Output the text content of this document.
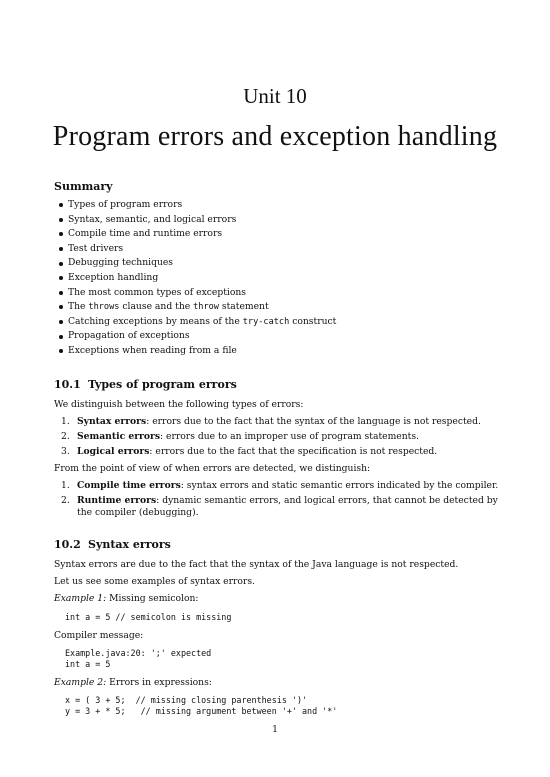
Unit 10
Program errors and exception handling
Summary
Types of program errors
Syntax, semantic, and logical errors
Compile time and runtime errors
Test drivers
Debugging techniques
Exception handling
The most common types of exceptions
The throws clause and the throw statement
Catching exceptions by means of the try-catch construct
Propagation of exceptions
Exceptions when reading from a file
10.1 Types of program errors
We distinguish between the following types of errors:
1. Syntax errors: errors due to the fact that the syntax of the language is not respected.
2. Semantic errors: errors due to an improper use of program statements.
3. Logical errors: errors due to the fact that the specification is not respected.
From the point of view of when errors are detected, we distinguish:
1. Compile time errors: syntax errors and static semantic errors indicated by the compiler.
2. Runtime errors: dynamic semantic errors, and logical errors, that cannot be detected by the compiler (debugging).
10.2 Syntax errors
Syntax errors are due to the fact that the syntax of the Java language is not respected.
Let us see some examples of syntax errors.
Example 1: Missing semicolon:
int a = 5 // semicolon is missing
Compiler message:
Example.java:20: ';' expected
int a = 5
Example 2: Errors in expressions:
x = ( 3 + 5;  // missing closing parenthesis ')'
y = 3 + * 5;   // missing argument between '+' and '*'
1
